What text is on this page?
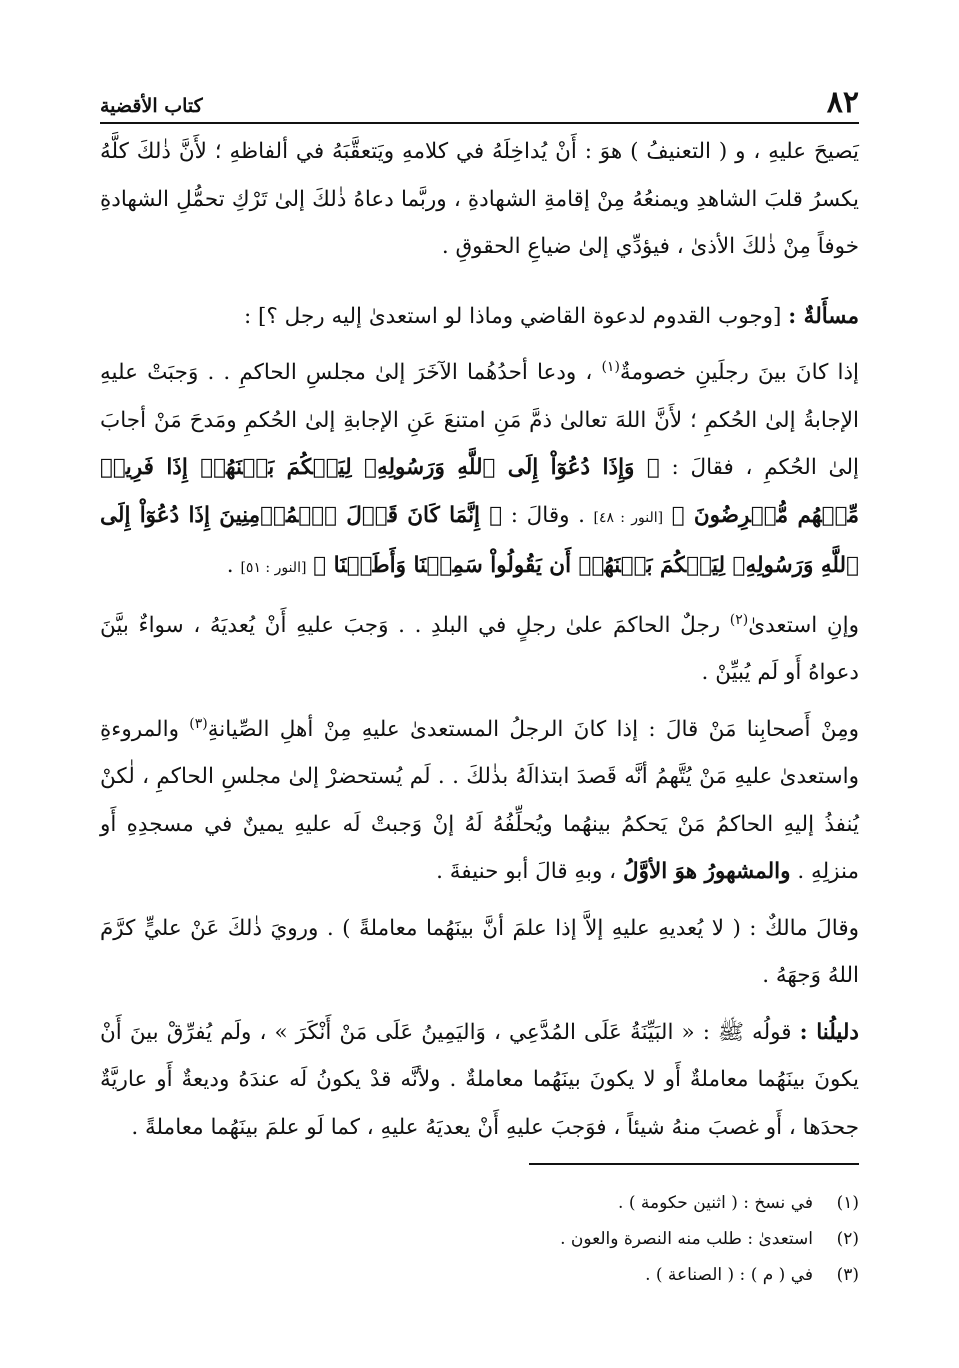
٨٢
كتاب الأقضية

يَصيحَ عليهِ ، و ( التعنيفُ ) هوَ : أَنْ يُداخِلَهُ في كلامهِ ويَتعقَّبَهُ في ألفاظهِ ؛ لأَنَّ ذٰلكَ كلَّهُ يكسرُ قلبَ الشاهدِ ويمنعُهُ مِنْ إقامةِ الشهادةِ ، وربَّما دعاهُ ذٰلكَ إلىٰ تَرْكِ تحمُّلِ الشهادةِ خوفاً مِنْ ذٰلكَ الأذىٰ ، فيؤدِّي إلىٰ ضياعِ الحقوقِ .

مسأَلةٌ : [وجوب القدوم لدعوة القاضي وماذا لو استعدىٰ إليه رجل ؟] :

إذا كانَ بينَ رجلَينِ خصومةٌ$^{(١)}$ ، ودعا أحدُهُما الآخَرَ إلىٰ مجلسِ الحاكمِ . . وَجبَتْ عليهِ الإجابةُ إلىٰ الحُكمِ ؛ لأَنَّ اللهَ تعالىٰ ذمَّ مَنِ امتنعَ عَنِ الإجابةِ إلىٰ الحُكمِ ومَدحَ مَنْ أجابَ إلىٰ الحُكمِ ، فقالَ : ﴿ وَإِذَا دُعُوٓاْ إِلَى ٱللَّهِ وَرَسُولِهِۦ لِيَحۡكُمَ بَيۡنَهُمۡ إِذَا فَرِيقٞ مِّنۡهُم مُّعۡرِضُونَ ﴾ [النور : ٤٨] . وقالَ : ﴿ إِنَّمَا كَانَ قَوۡلَ ٱلۡمُؤۡمِنِينَ إِذَا دُعُوٓاْ إِلَى ٱللَّهِ وَرَسُولِهِۦ لِيَحۡكُمَ بَيۡنَهُمۡ أَن يَقُولُواْ سَمِعۡنَا وَأَطَعۡنَا ﴾ [النور : ٥١] .

وإنِ استعدىٰ$^{(٢)}$ رجلٌ الحاكمَ علىٰ رجلٍ في البلدِ . . وَجبَ عليهِ أَنْ يُعديَهُ ، سواءٌ بيَّنَ دعواهُ أَو لَم يُبيِّنْ .

ومِنْ أَصحابِنا مَنْ قالَ : إذا كانَ الرجلُ المستعدىٰ عليهِ مِنْ أهلِ الصِّيانةِ$^{(٣)}$ والمروءةِ واستعدىٰ عليهِ مَنْ يُتَّهمُ أنَّه قَصدَ ابتذالَهُ بذٰلكَ . . لَم يُستحضرْ إلىٰ مجلسِ الحاكمِ ، لٰكنْ يُنفذُ إليهِ الحاكمُ مَنْ يَحكمُ بينهُما ويُحلِّفُهُ لَهُ إنْ وَجبتْ لَه عليهِ يمينٌ في مسجدِهِ أَو منزلِهِ . والمشهورُ هوَ الأوَّلُ ، وبهِ قالَ أبو حنيفةَ .

وقالَ مالكٌ : ( لا يُعديهِ عليهِ إلاَّ إذا علمَ أنَّ بينَهُما معاملةً ) . ورويَ ذٰلكَ عَنْ عليٍّ كرَّمَ اللهُ وَجهَهُ .

دليلُنا : قولُه ﷺ : « البَيِّنَةُ عَلَى المُدَّعِي ، وَاليَمِينُ عَلَى مَنْ أَنْكَرَ » ، ولَم يُفرِّقْ بينَ أَنْ يكونَ بينَهُما معاملةٌ أَو لا يكونَ بينَهُما معاملةٌ . ولأنَّه قدْ يكونُ لَه عندَهُ وديعةٌ أَو عاريَّةٌ جحدَها ، أَو غصبَ منهُ شيئاً ، فوَجبَ عليهِ أَنْ يعديَهُ عليهِ ، كما لَو علمَ بينَهُما معاملةً .

(١)
في نسخ : ( اثنين حكومة ) .
(٢)
استعدىٰ : طلب منه النصرة والعون .
(٣)
في ( م ) : ( الصناعة ) .
